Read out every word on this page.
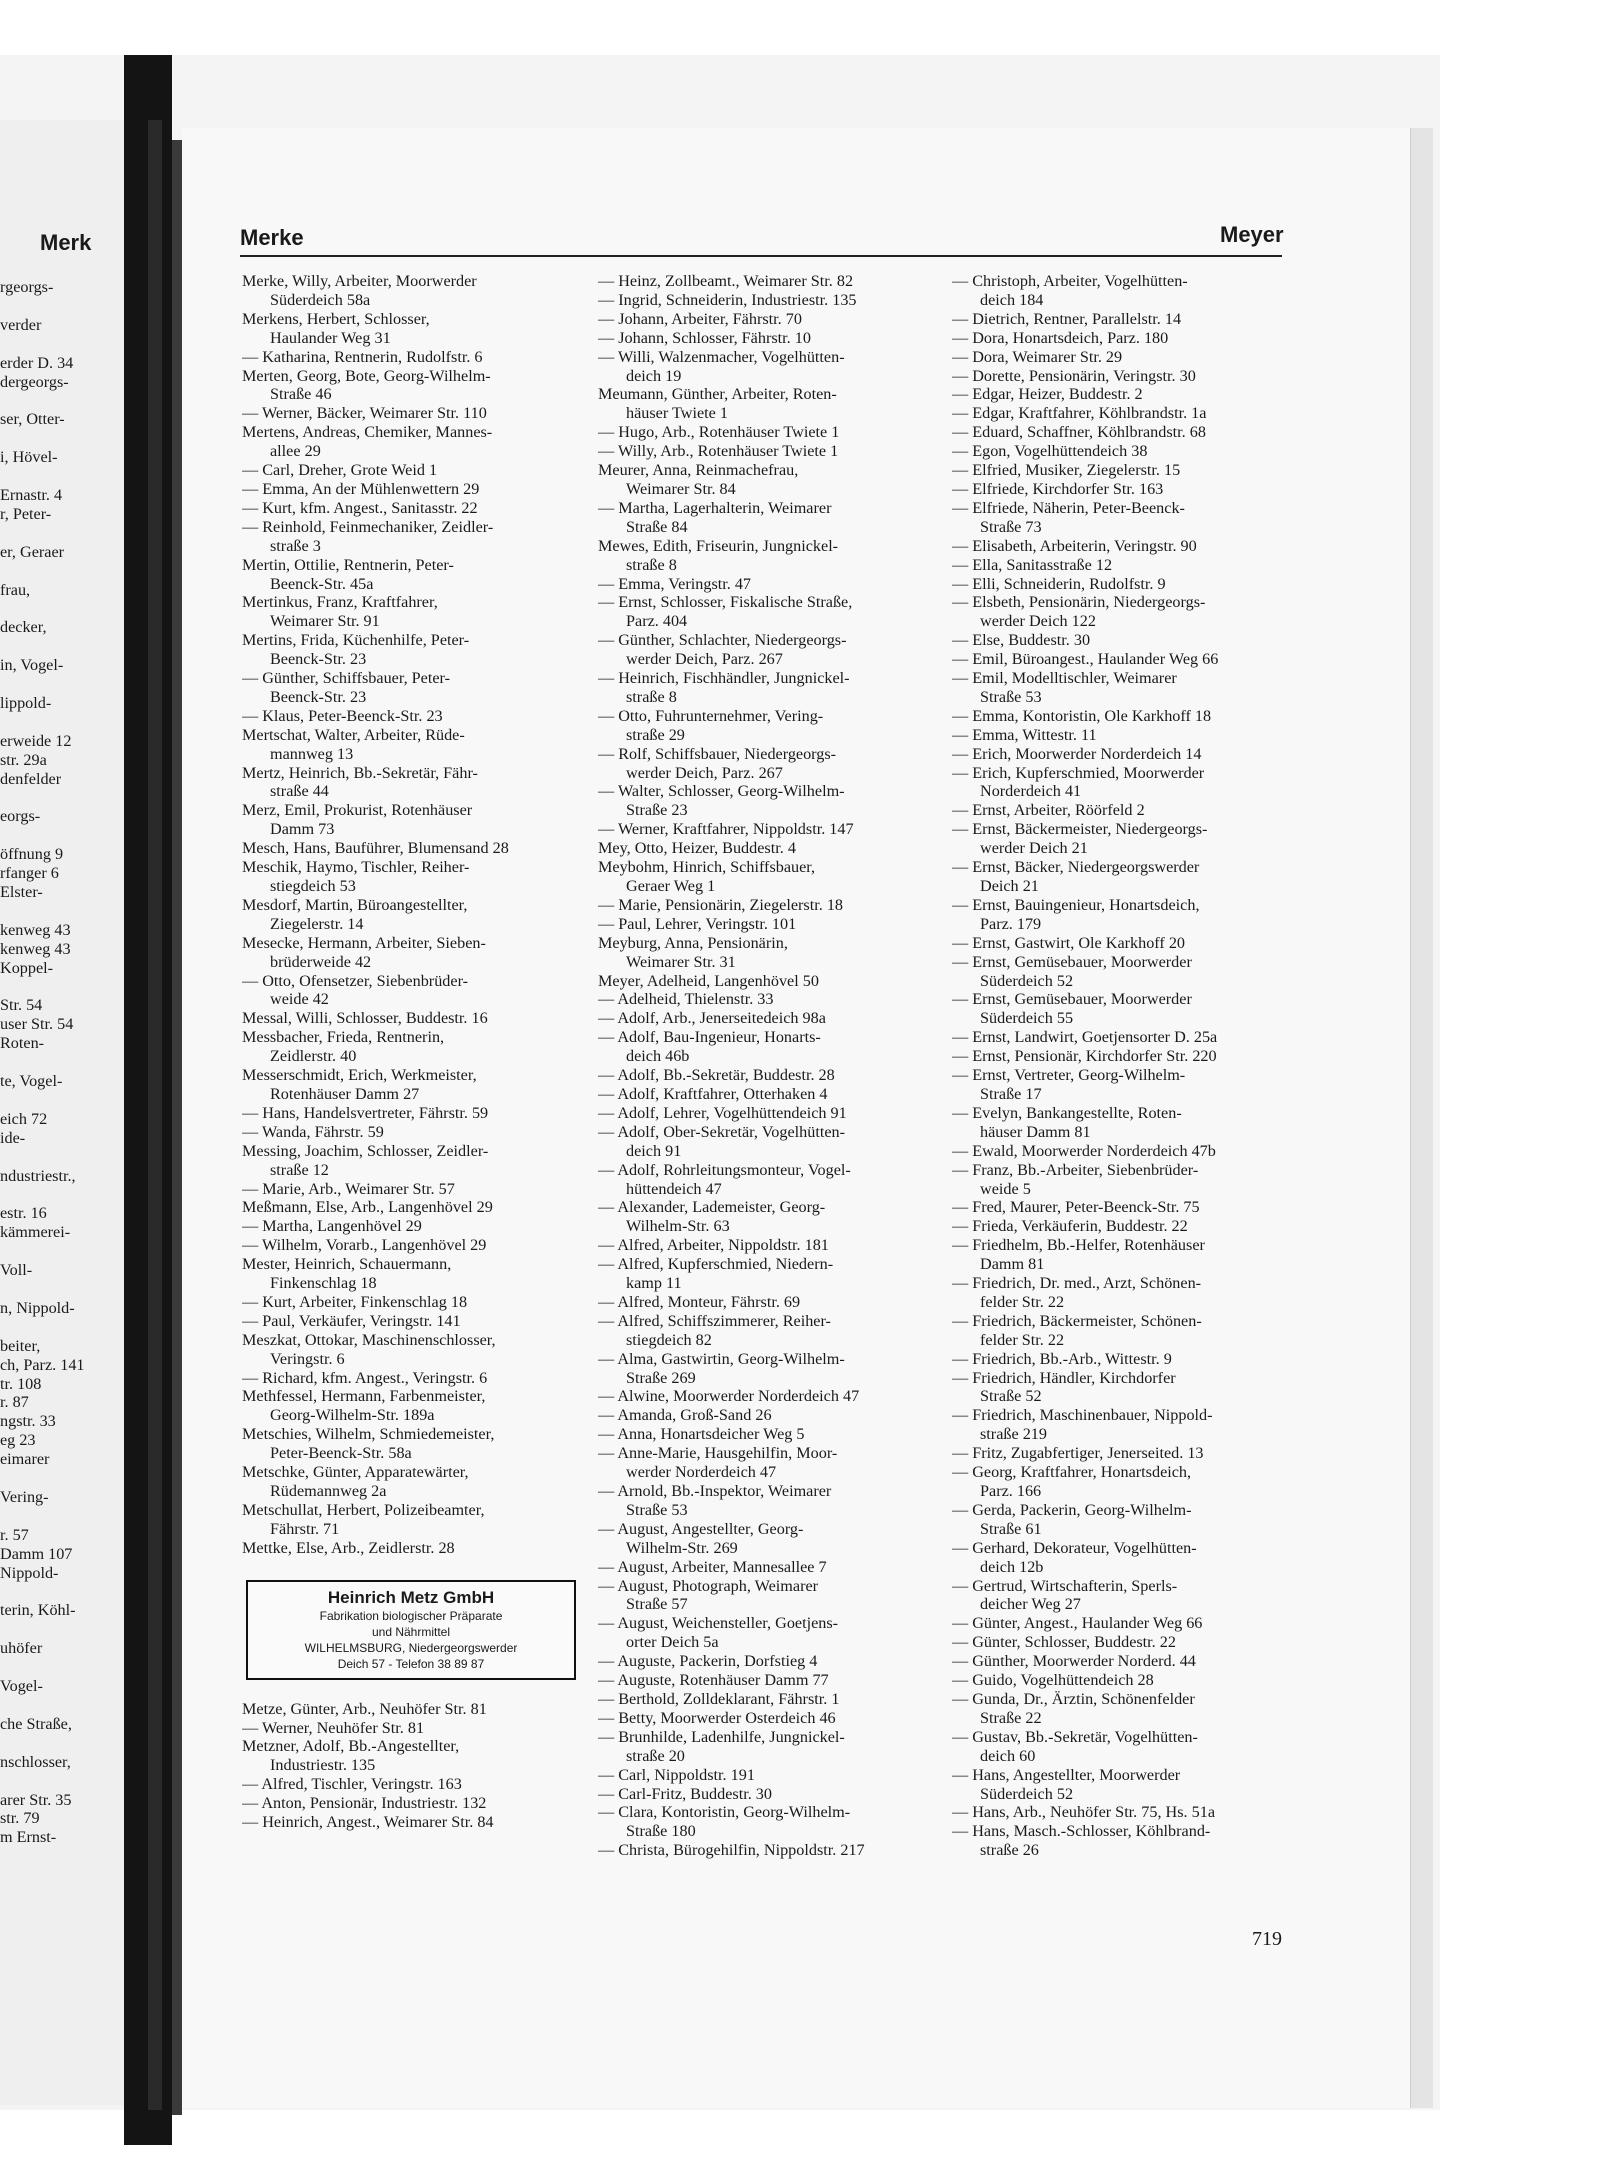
Merk
rgeorgs-

verder

erder D. 34
dergeorgs-

ser, Otter-

i, Hövel-

Ernastr. 4
r, Peter-

er, Geraer

frau,

decker,

in, Vogel-

lippold-

erweide 12
str. 29a
denfelder

eorgs-

öffnung 9
rfanger 6
Elster-

kenweg 43
kenweg 43
Koppel-

Str. 54
user Str. 54
Roten-

te, Vogel-

eich 72
ide-

ndustriestr.,

estr. 16
kämmerei-

Voll-

n, Nippold-

beiter,
ch, Parz. 141
tr. 108
r. 87
ngstr. 33
eg 23
eimarer

Vering-

r. 57
Damm 107
Nippold-

terin, Köhl-

uhöfer

Vogel-

che Straße,

nschlosser,

arer Str. 35
str. 79
m Ernst-
Merke	Meyer
Merke, Willy, Arbeiter, Moorwerder
Süderdeich 58a
Merkens, Herbert, Schlosser,
Haulander Weg 31
— Katharina, Rentnerin, Rudolfstr. 6
Merten, Georg, Bote, Georg-Wilhelm-
Straße 46
— Werner, Bäcker, Weimarer Str. 110
Mertens, Andreas, Chemiker, Mannes-
allee 29
— Carl, Dreher, Grote Weid 1
— Emma, An der Mühlenwettern 29
— Kurt, kfm. Angest., Sanitasstr. 22
— Reinhold, Feinmechaniker, Zeidler-
straße 3
Mertin, Ottilie, Rentnerin, Peter-
Beenck-Str. 45a
Mertinkus, Franz, Kraftfahrer,
Weimarer Str. 91
Mertins, Frida, Küchenhilfe, Peter-
Beenck-Str. 23
— Günther, Schiffsbauer, Peter-
Beenck-Str. 23
— Klaus, Peter-Beenck-Str. 23
Mertschat, Walter, Arbeiter, Rüde-
mannweg 13
Mertz, Heinrich, Bb.-Sekretär, Fähr-
straße 44
Merz, Emil, Prokurist, Rotenhäuser
Damm 73
Mesch, Hans, Bauführer, Blumensand 28
Meschik, Haymo, Tischler, Reiher-
stiegdeich 53
Mesdorf, Martin, Büroangestellter,
Ziegelerstr. 14
Mesecke, Hermann, Arbeiter, Sieben-
brüderweide 42
— Otto, Ofensetzer, Siebenbrüder-
weide 42
Messal, Willi, Schlosser, Buddestr. 16
Messbacher, Frieda, Rentnerin,
Zeidlerstr. 40
Messerschmidt, Erich, Werkmeister,
Rotenhäuser Damm 27
— Hans, Handelsvertreter, Fährstr. 59
— Wanda, Fährstr. 59
Messing, Joachim, Schlosser, Zeidler-
straße 12
— Marie, Arb., Weimarer Str. 57
Meßmann, Else, Arb., Langenhövel 29
— Martha, Langenhövel 29
— Wilhelm, Vorarb., Langenhövel 29
Mester, Heinrich, Schauermann,
Finkenschlag 18
— Kurt, Arbeiter, Finkenschlag 18
— Paul, Verkäufer, Veringstr. 141
Meszkat, Ottokar, Maschinenschlosser,
Veringstr. 6
— Richard, kfm. Angest., Veringstr. 6
Methfessel, Hermann, Farbenmeister,
Georg-Wilhelm-Str. 189a
Metschies, Wilhelm, Schmiedemeister,
Peter-Beenck-Str. 58a
Metschke, Günter, Apparatewärter,
Rüdemannweg 2a
Metschullat, Herbert, Polizeibeamter,
Fährstr. 71
Mettke, Else, Arb., Zeidlerstr. 28
Heinrich Metz GmbH
Fabrikation biologischer Präparate
und Nährmittel
WILHELMSBURG, Niedergeorgswerder
Deich 57 - Telefon 38 89 87
Metze, Günter, Arb., Neuhöfer Str. 81
— Werner, Neuhöfer Str. 81
Metzner, Adolf, Bb.-Angestellter,
Industriestr. 135
— Alfred, Tischler, Veringstr. 163
— Anton, Pensionär, Industriestr. 132
— Heinrich, Angest., Weimarer Str. 84
— Heinz, Zollbeamt., Weimarer Str. 82
— Ingrid, Schneiderin, Industriestr. 135
— Johann, Arbeiter, Fährstr. 70
— Johann, Schlosser, Fährstr. 10
— Willi, Walzenmacher, Vogelhütten-
deich 19
Meumann, Günther, Arbeiter, Roten-
häuser Twiete 1
— Hugo, Arb., Rotenhäuser Twiete 1
— Willy, Arb., Rotenhäuser Twiete 1
Meurer, Anna, Reinmachefrau,
Weimarer Str. 84
— Martha, Lagerhalterin, Weimarer
Straße 84
Mewes, Edith, Friseurin, Jungnickel-
straße 8
— Emma, Veringstr. 47
— Ernst, Schlosser, Fiskalische Straße,
Parz. 404
— Günther, Schlachter, Niedergeorgs-
werder Deich, Parz. 267
— Heinrich, Fischhändler, Jungnickel-
straße 8
— Otto, Fuhrunternehmer, Vering-
straße 29
— Rolf, Schiffsbauer, Niedergeorgs-
werder Deich, Parz. 267
— Walter, Schlosser, Georg-Wilhelm-
Straße 23
— Werner, Kraftfahrer, Nippoldstr. 147
Mey, Otto, Heizer, Buddestr. 4
Meybohm, Hinrich, Schiffsbauer,
Geraer Weg 1
— Marie, Pensionärin, Ziegelerstr. 18
— Paul, Lehrer, Veringstr. 101
Meyburg, Anna, Pensionärin,
Weimarer Str. 31
Meyer, Adelheid, Langenhövel 50
— Adelheid, Thielenstr. 33
— Adolf, Arb., Jenerseitedeich 98a
— Adolf, Bau-Ingenieur, Honarts-
deich 46b
— Adolf, Bb.-Sekretär, Buddestr. 28
— Adolf, Kraftfahrer, Otterhaken 4
— Adolf, Lehrer, Vogelhüttendeich 91
— Adolf, Ober-Sekretär, Vogelhütten-
deich 91
— Adolf, Rohrleitungsmonteur, Vogel-
hüttendeich 47
— Alexander, Lademeister, Georg-
Wilhelm-Str. 63
— Alfred, Arbeiter, Nippoldstr. 181
— Alfred, Kupferschmied, Niedern-
kamp 11
— Alfred, Monteur, Fährstr. 69
— Alfred, Schiffszimmerer, Reiher-
stiegdeich 82
— Alma, Gastwirtin, Georg-Wilhelm-
Straße 269
— Alwine, Moorwerder Norderdeich 47
— Amanda, Groß-Sand 26
— Anna, Honartsdeicher Weg 5
— Anne-Marie, Hausgehilfin, Moor-
werder Norderdeich 47
— Arnold, Bb.-Inspektor, Weimarer
Straße 53
— August, Angestellter, Georg-
Wilhelm-Str. 269
— August, Arbeiter, Mannesallee 7
— August, Photograph, Weimarer
Straße 57
— August, Weichensteller, Goetjens-
orter Deich 5a
— Auguste, Packerin, Dorfstieg 4
— Auguste, Rotenhäuser Damm 77
— Berthold, Zolldeklarant, Fährstr. 1
— Betty, Moorwerder Osterdeich 46
— Brunhilde, Ladenhilfe, Jungnickel-
straße 20
— Carl, Nippoldstr. 191
— Carl-Fritz, Buddestr. 30
— Clara, Kontoristin, Georg-Wilhelm-
Straße 180
— Christa, Bürogehilfin, Nippoldstr. 217
— Christoph, Arbeiter, Vogelhütten-
deich 184
— Dietrich, Rentner, Parallelstr. 14
— Dora, Honartsdeich, Parz. 180
— Dora, Weimarer Str. 29
— Dorette, Pensionärin, Veringstr. 30
— Edgar, Heizer, Buddestr. 2
— Edgar, Kraftfahrer, Köhlbrandstr. 1a
— Eduard, Schaffner, Köhlbrandstr. 68
— Egon, Vogelhüttendeich 38
— Elfried, Musiker, Ziegelerstr. 15
— Elfriede, Kirchdorfer Str. 163
— Elfriede, Näherin, Peter-Beenck-
Straße 73
— Elisabeth, Arbeiterin, Veringstr. 90
— Ella, Sanitasstraße 12
— Elli, Schneiderin, Rudolfstr. 9
— Elsbeth, Pensionärin, Niedergeorgs-
werder Deich 122
— Else, Buddestr. 30
— Emil, Büroangest., Haulander Weg 66
— Emil, Modelltischler, Weimarer
Straße 53
— Emma, Kontoristin, Ole Karkhoff 18
— Emma, Wittestr. 11
— Erich, Moorwerder Norderdeich 14
— Erich, Kupferschmied, Moorwerder
Norderdeich 41
— Ernst, Arbeiter, Röörfeld 2
— Ernst, Bäckermeister, Niedergeorgs-
werder Deich 21
— Ernst, Bäcker, Niedergeorgswerder
Deich 21
— Ernst, Bauingenieur, Honartsdeich,
Parz. 179
— Ernst, Gastwirt, Ole Karkhoff 20
— Ernst, Gemüsebauer, Moorwerder
Süderdeich 52
— Ernst, Gemüsebauer, Moorwerder
Süderdeich 55
— Ernst, Landwirt, Goetjensorter D. 25a
— Ernst, Pensionär, Kirchdorfer Str. 220
— Ernst, Vertreter, Georg-Wilhelm-
Straße 17
— Evelyn, Bankangestellte, Roten-
häuser Damm 81
— Ewald, Moorwerder Norderdeich 47b
— Franz, Bb.-Arbeiter, Siebenbrüder-
weide 5
— Fred, Maurer, Peter-Beenck-Str. 75
— Frieda, Verkäuferin, Buddestr. 22
— Friedhelm, Bb.-Helfer, Rotenhäuser
Damm 81
— Friedrich, Dr. med., Arzt, Schönen-
felder Str. 22
— Friedrich, Bäckermeister, Schönen-
felder Str. 22
— Friedrich, Bb.-Arb., Wittestr. 9
— Friedrich, Händler, Kirchdorfer
Straße 52
— Friedrich, Maschinenbauer, Nippold-
straße 219
— Fritz, Zugabfertiger, Jenerseited. 13
— Georg, Kraftfahrer, Honartsdeich,
Parz. 166
— Gerda, Packerin, Georg-Wilhelm-
Straße 61
— Gerhard, Dekorateur, Vogelhütten-
deich 12b
— Gertrud, Wirtschafterin, Sperls-
deicher Weg 27
— Günter, Angest., Haulander Weg 66
— Günter, Schlosser, Buddestr. 22
— Günther, Moorwerder Norderd. 44
— Guido, Vogelhüttendeich 28
— Gunda, Dr., Ärztin, Schönenfelder
Straße 22
— Gustav, Bb.-Sekretär, Vogelhütten-
deich 60
— Hans, Angestellter, Moorwerder
Süderdeich 52
— Hans, Arb., Neuhöfer Str. 75, Hs. 51a
— Hans, Masch.-Schlosser, Köhlbrand-
straße 26
719
